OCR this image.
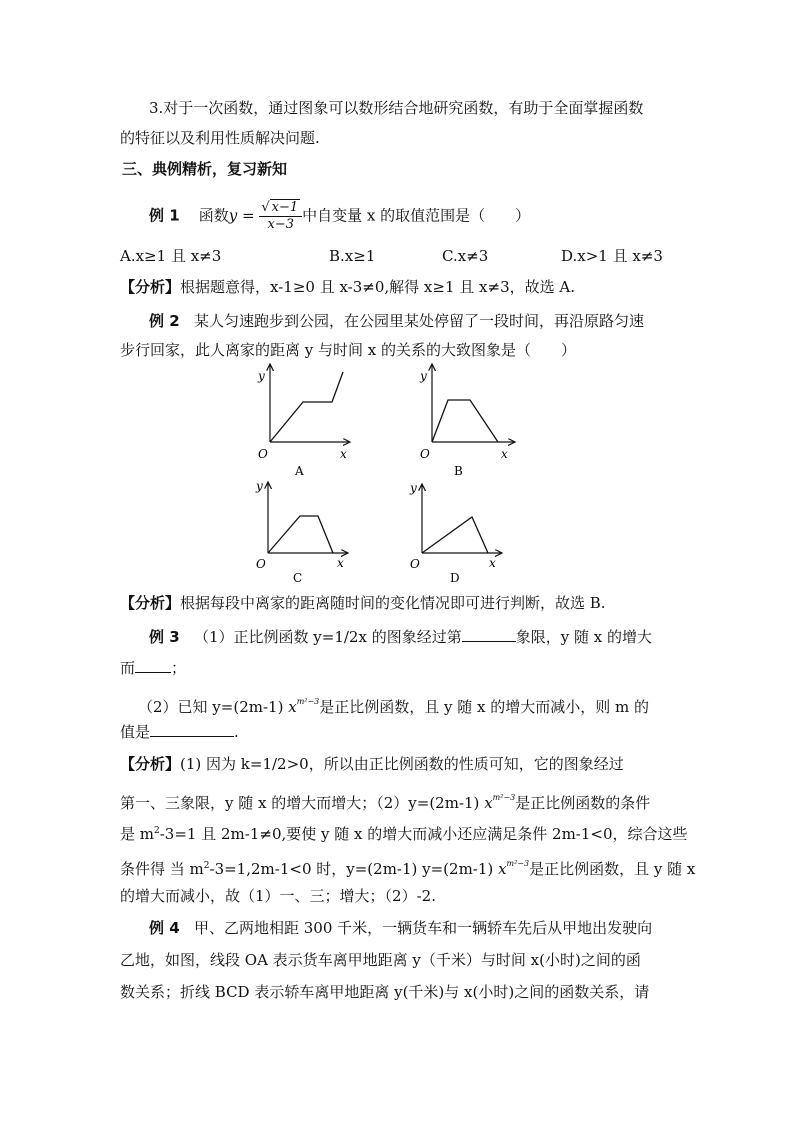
3.对于一次函数，通过图象可以数形结合地研究函数，有助于全面掌握函数
的特征以及利用性质解决问题.
三、典例精析，复习新知
例 1 函数$y = \frac{√ x-1}{x-3}$ 中自变量 x 的取值范围是（　　）
A.x≥1 且 x≠3	B.x≥1	C.x≠3	D.x>1 且 x≠3
【分析】根据题意得，x-1≥0 且 x-3≠0,解得 x≥1 且 x≠3，故选 A.
例 2 某人匀速跑步到公园，在公园里某处停留了一段时间，再沿原路匀速
步行回家，此人离家的距离 y 与时间 x 的关系的大致图象是（　　）
y
O	x
A
y
O	x
B
y
O	x
C
y
O	x
D
【分析】根据每段中离家的距离随时间的变化情况即可进行判断，故选 B.
例 3 （1）正比例函数 y=1/2x 的图象经过第	象限，y 随 x 的增大
而 ；
（2）已知 y=(2m-1) $x^{m^2-3}$是正比例函数，且 y 随 x 的增大而减小，则 m 的
值是	.
【分析】(1) 因为 k=1/2>0，所以由正比例函数的性质可知，它的图象经过
第一、三象限，y 随 x 的增大而增大；（2）y=(2m-1) $x^{m^2-3}$是正比例函数的条件
是 $m^2-3=1$ 且 2m-1≠0,要使 y 随 x 的增大而减小还应满足条件 2m-1<0，综合这些
条件得 当 $m^2-3=1,2m-1<0$ 时，y=(2m-1) y=(2m-1) $x^{m^2-3}$是正比例函数，且 y 随 x
的增大而减小，故（1）一、三；增大；（2）-2.
例 4 甲、乙两地相距 300 千米，一辆货车和一辆轿车先后从甲地出发驶向
乙地，如图，线段 OA 表示货车离甲地距离 y（千米）与时间 x(小时)之间的函
数关系；折线 BCD 表示轿车离甲地距离 y(千米)与 x(小时)之间的函数关系，请
